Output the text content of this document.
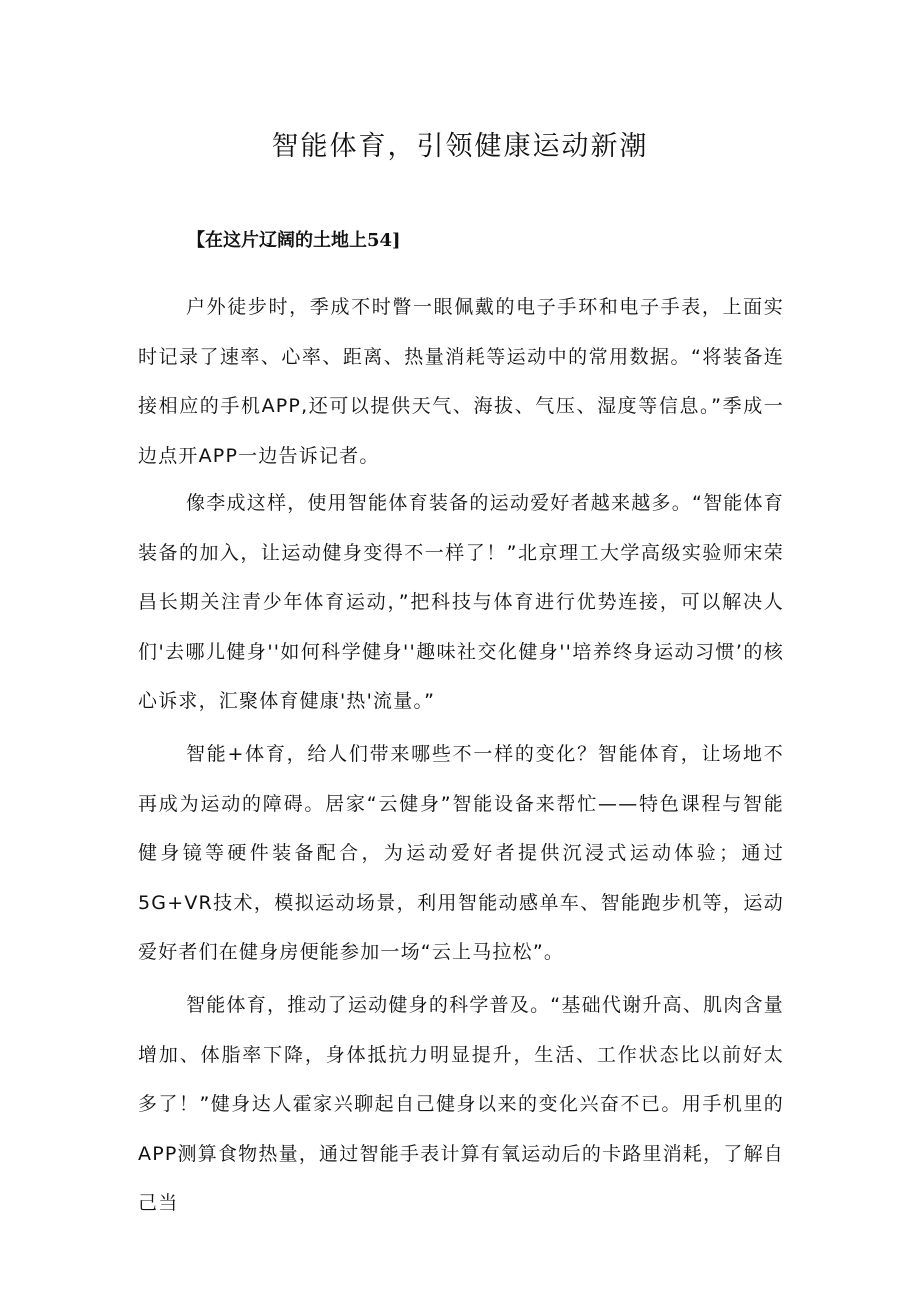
智能体育，引领健康运动新潮

【在这片辽阔的土地上54]

户外徒步时，季成不时瞥一眼佩戴的电子手环和电子手表，上面实时记录了速率、心率、距离、热量消耗等运动中的常用数据。“将装备连接相应的手机APP,还可以提供天气、海拔、气压、湿度等信息。”季成一边点开APP一边告诉记者。

像李成这样，使用智能体育装备的运动爱好者越来越多。“智能体育装备的加入，让运动健身变得不一样了！”北京理工大学高级实验师宋荣昌长期关注青少年体育运动，”把科技与体育进行优势连接，可以解决人们'去哪儿健身''如何科学健身''趣味社交化健身''培养终身运动习惯’的核心诉求，汇聚体育健康'热'流量。”

智能+体育，给人们带来哪些不一样的变化？智能体育，让场地不再成为运动的障碍。居家“云健身”智能设备来帮忙——特色课程与智能健身镜等硬件装备配合，为运动爱好者提供沉浸式运动体验；通过5G+VR技术，模拟运动场景，利用智能动感单车、智能跑步机等，运动爱好者们在健身房便能参加一场“云上马拉松”。

智能体育，推动了运动健身的科学普及。“基础代谢升高、肌肉含量增加、体脂率下降，身体抵抗力明显提升，生活、工作状态比以前好太多了！”健身达人霍家兴聊起自己健身以来的变化兴奋不已。用手机里的APP测算食物热量，通过智能手表计算有氧运动后的卡路里消耗，了解自己当
